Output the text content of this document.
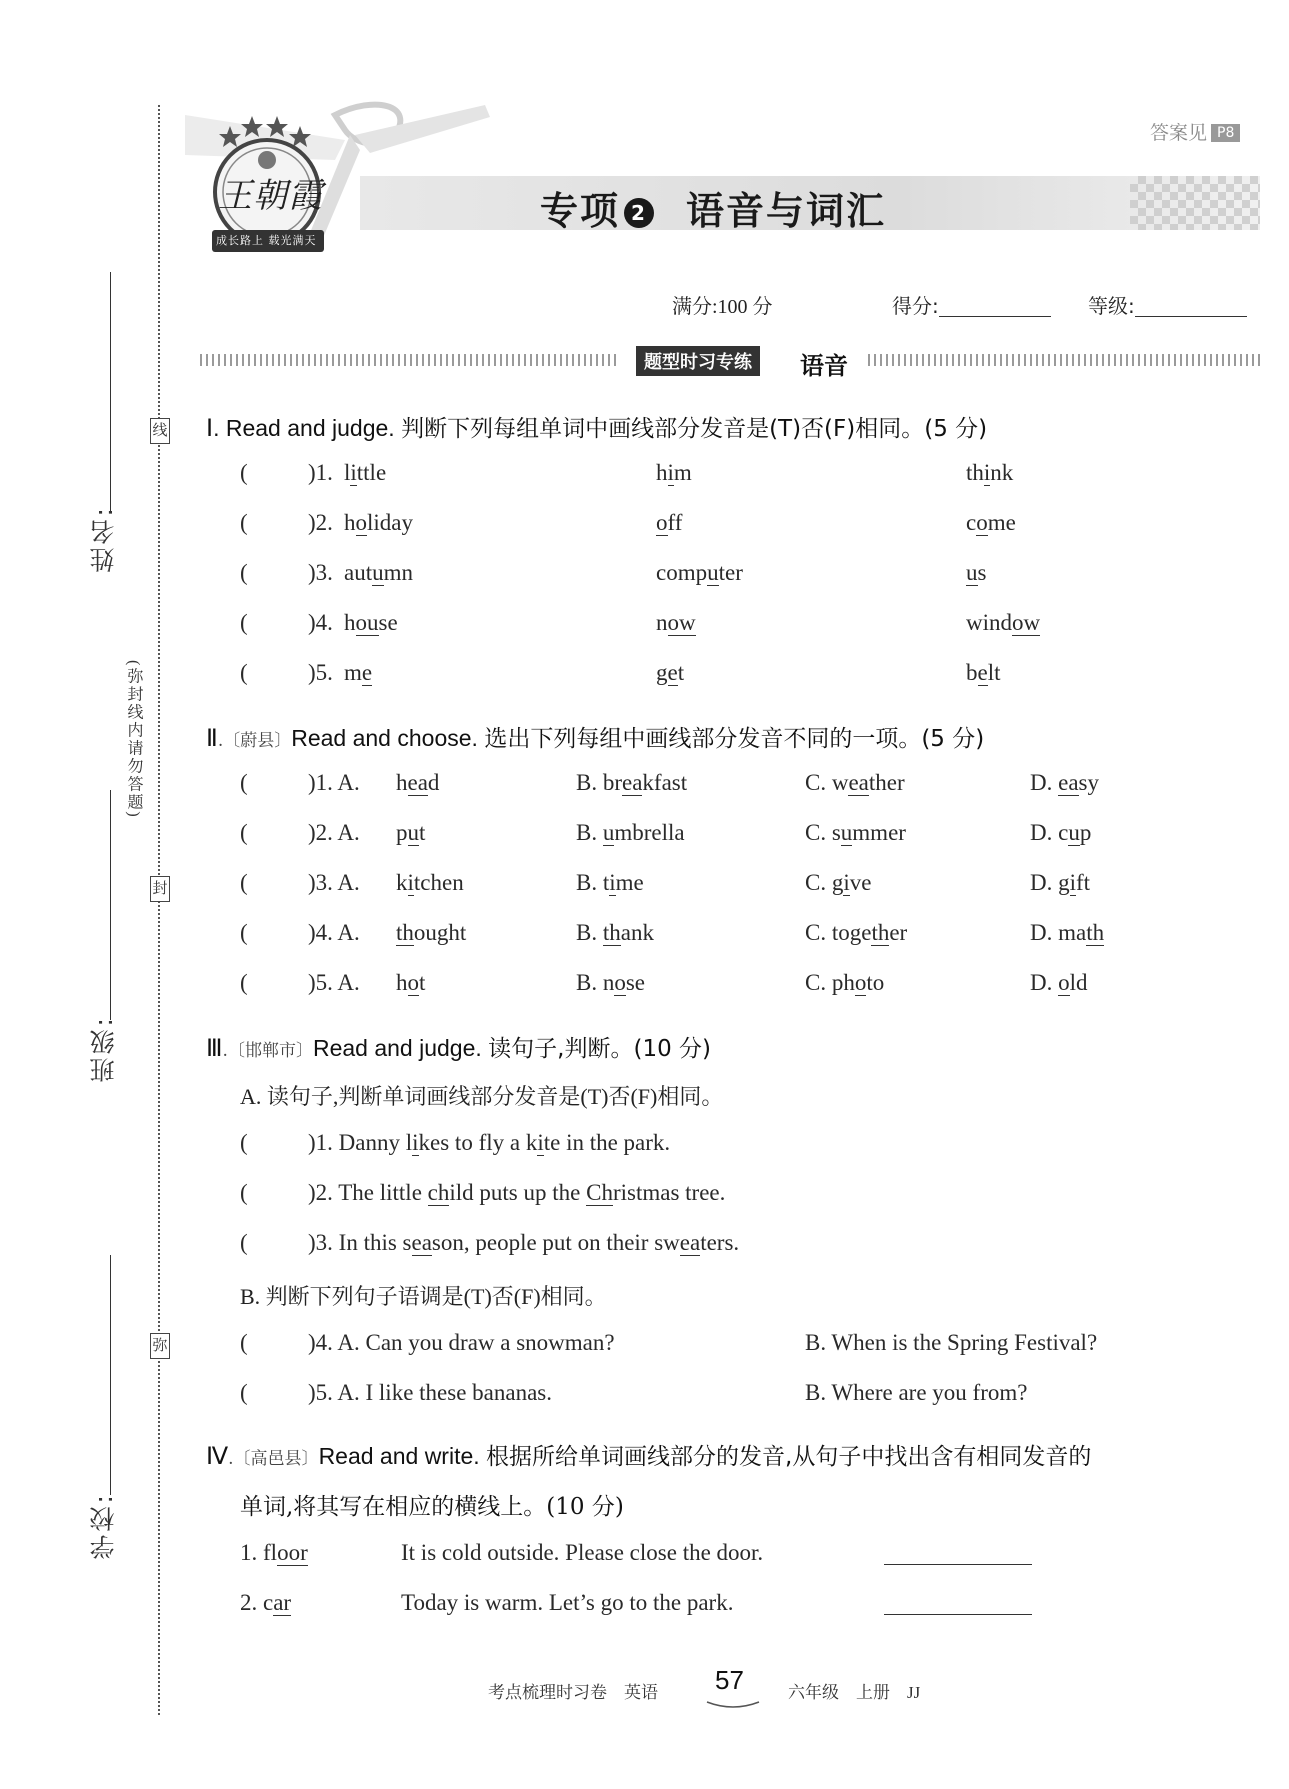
姓名:
班级:
学校:
(弥封线内请勿答题)
线
封
弥
王朝霞
成长路上 载光满天
专项 2 语音与词汇
答案见 P8
满分:100 分	得分:	等级:
题型时习专练	语音
Ⅰ. Read and judge. 判断下列每组单词中画线部分发音是(T)否(F)相同。(5 分)
(	)1. little	him	think
(	)2. holiday	off	come
(	)3. autumn	computer	us
(	)4. house	now	window
(	)5. me	get	belt
Ⅱ.〔蔚县〕Read and choose. 选出下列每组中画线部分发音不同的一项。(5 分)
(	)1. A. head	B. breakfast	C. weather	D. easy
(	)2. A. put	B. umbrella	C. summer	D. cup
(	)3. A. kitchen	B. time	C. give	D. gift
(	)4. A. thought	B. thank	C. together	D. math
(	)5. A. hot	B. nose	C. photo	D. old
Ⅲ.〔邯郸市〕Read and judge. 读句子,判断。(10 分)
A. 读句子,判断单词画线部分发音是(T)否(F)相同。
(	)1. Danny likes to fly a kite in the park.
(	)2. The little child puts up the Christmas tree.
(	)3. In this season, people put on their sweaters.
B. 判断下列句子语调是(T)否(F)相同。
(	)4. A. Can you draw a snowman?	B. When is the Spring Festival?
(	)5. A. I like these bananas.	B. Where are you from?
Ⅳ.〔高邑县〕Read and write. 根据所给单词画线部分的发音,从句子中找出含有相同发音的
单词,将其写在相应的横线上。(10 分)
1. floor	It is cold outside. Please close the door.
2. car	Today is warm. Let’s go to the park.
考点梳理时习卷　英语 57	六年级　上册　JJ
